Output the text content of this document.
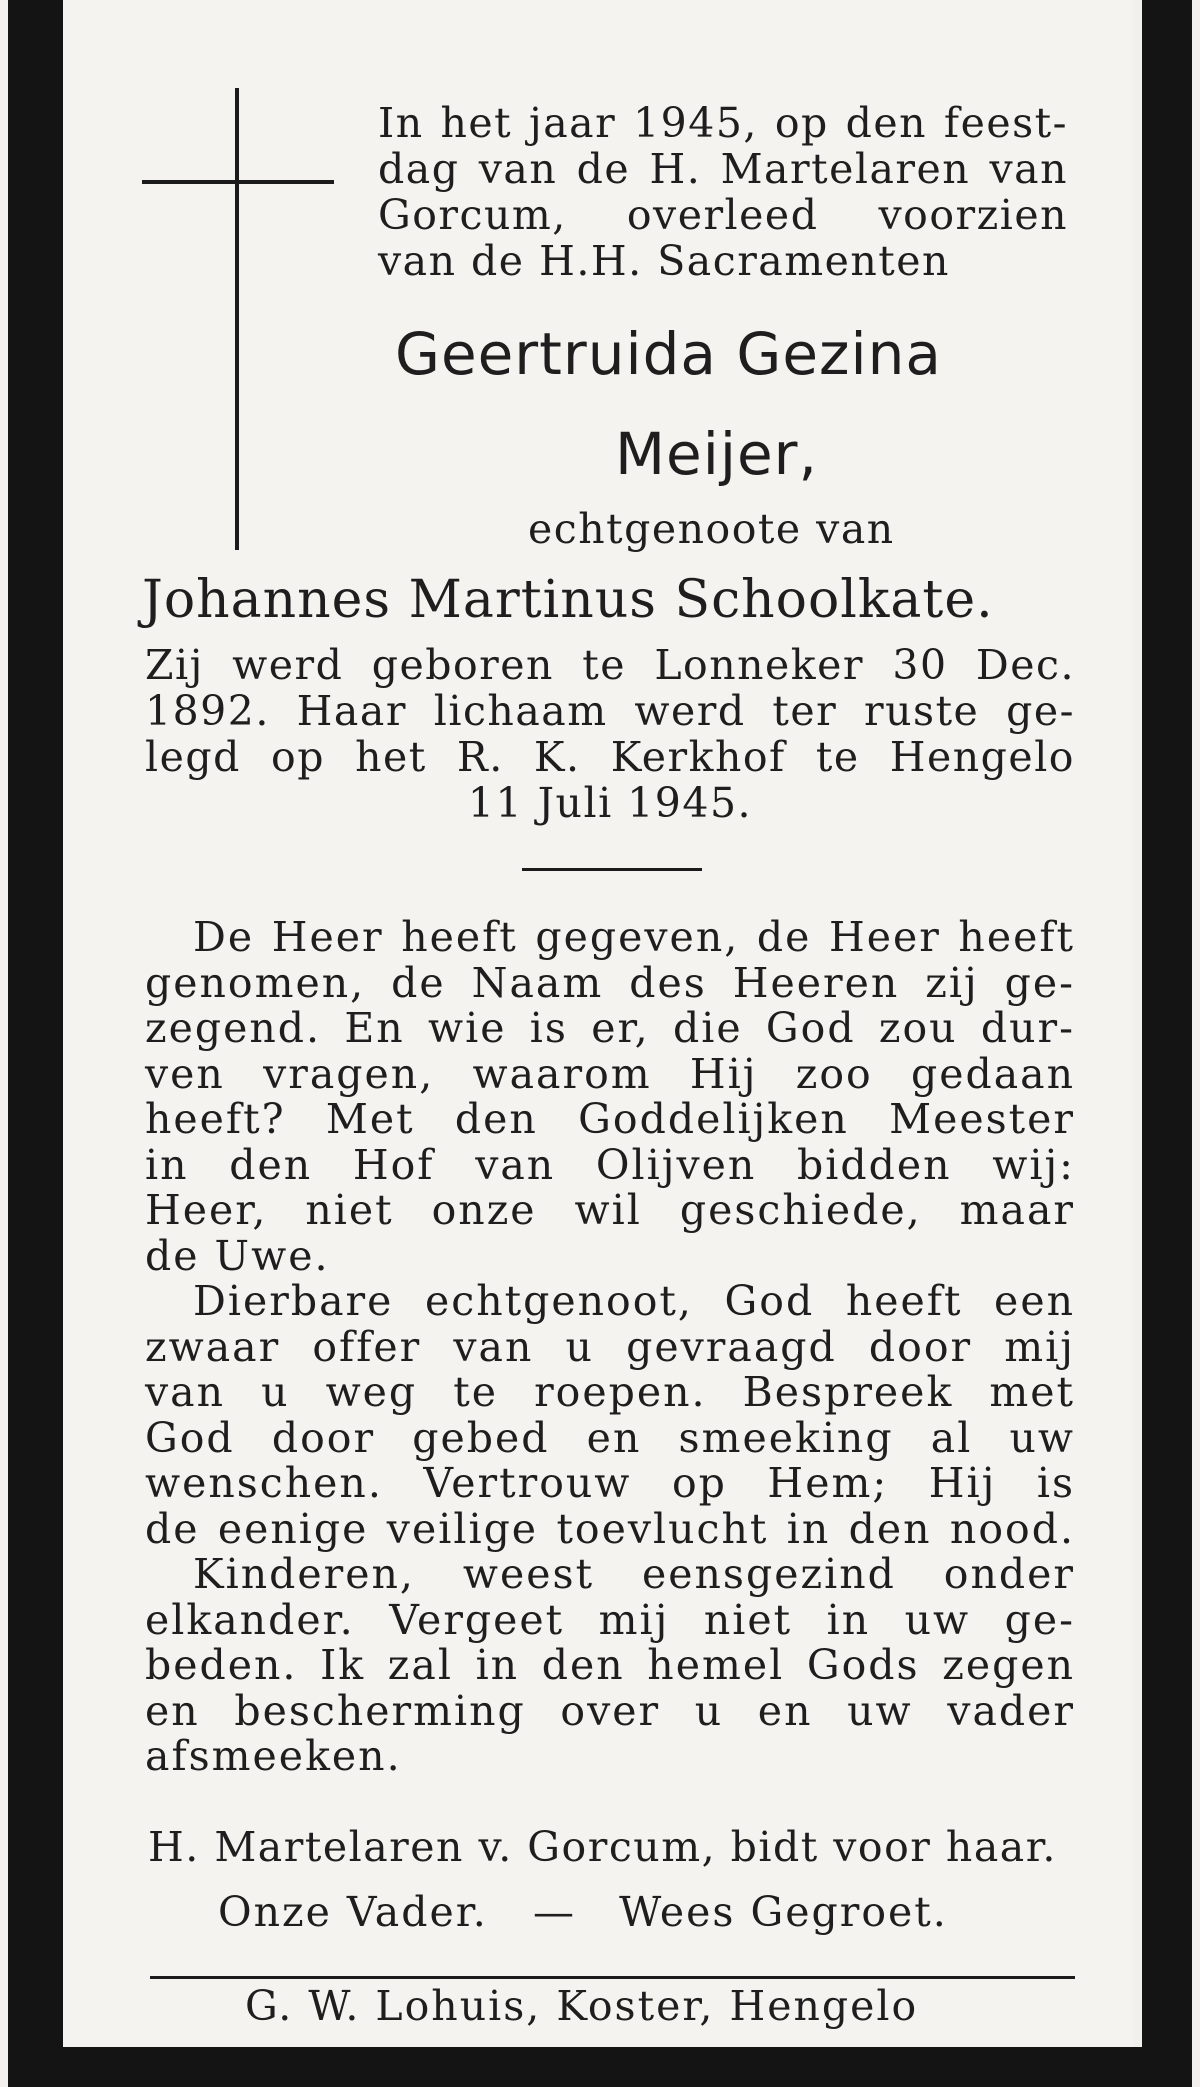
In het jaar 1945, op den feest-
dag van de H. Martelaren van
Gorcum, overleed voorzien
van de H.H. Sacramenten
Geertruida Gezina
Meijer,
echtgenoote van
Johannes Martinus Schoolkate.
Zij werd geboren te Lonneker 30 Dec.
1892. Haar lichaam werd ter ruste ge-
legd op het R. K. Kerkhof te Hengelo
11 Juli 1945.
De Heer heeft gegeven, de Heer heeft
genomen, de Naam des Heeren zij ge-
zegend. En wie is er, die God zou dur-
ven vragen, waarom Hij zoo gedaan
heeft? Met den Goddelijken Meester
in den Hof van Olijven bidden wij:
Heer, niet onze wil geschiede, maar
de Uwe.
Dierbare echtgenoot, God heeft een
zwaar offer van u gevraagd door mij
van u weg te roepen. Bespreek met
God door gebed en smeeking al uw
wenschen. Vertrouw op Hem; Hij is
de eenige veilige toevlucht in den nood.
Kinderen, weest eensgezind onder
elkander. Vergeet mij niet in uw ge-
beden. Ik zal in den hemel Gods zegen
en bescherming over u en uw vader
afsmeeken.
H. Martelaren v. Gorcum, bidt voor haar.
Onze Vader. — Wees Gegroet.
G. W. Lohuis, Koster, Hengelo
